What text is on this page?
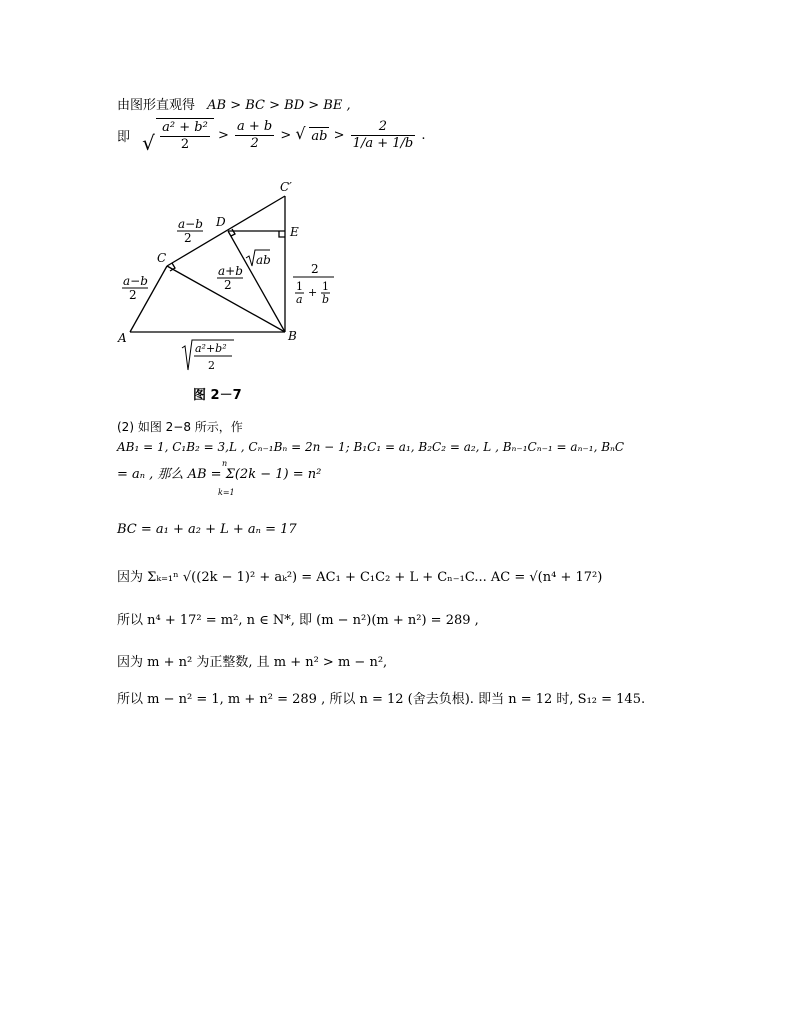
由图形直观得 AB > BC > BD > BE ,
即 √ $\frac{\text{a² + b²}}{2} > \frac{a + b}{2}$ > √ ab > $\frac{2}{1/a + 1/b}$ .
C′
D
E
C
A	B
a−b
2
a−b
2
a+b
2
ab
2
1
a
+ 1
b
a²+b²
2
图 2－7
(2) 如图 2−8 所示，作
AB₁ = 1, C₁B₂ = 3,L , Cₙ₋₁Bₙ = 2n − 1; B₁C₁ = a₁, B₂C₂ = a₂, L , Bₙ₋₁Cₙ₋₁ = aₙ₋₁, BₙC
= aₙ , 那么 AB = Σ(2k − 1) = n²
n
k=1
BC = a₁ + a₂ + L + aₙ = 17
因为 Σₖ₌₁ⁿ √((2k − 1)² + aₖ²) = AC₁ + C₁C₂ + L + Cₙ₋₁C... AC = √(n⁴ + 17²)
所以 n⁴ + 17² = m², n ∈ N*, 即 (m − n²)(m + n²) = 289 ,
因为 m + n² 为正整数, 且 m + n² > m − n²,
所以 m − n² = 1, m + n² = 289 , 所以 n = 12 (舍去负根). 即当 n = 12 时, S₁₂ = 145.
